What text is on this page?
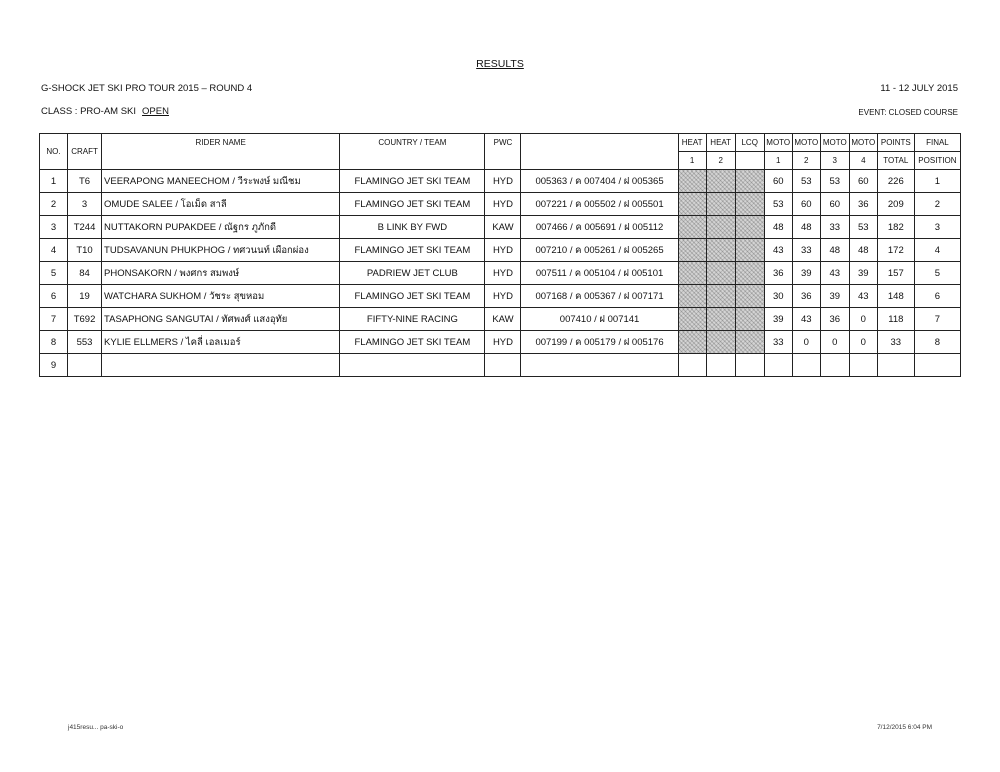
RESULTS
G-SHOCK JET SKI PRO TOUR 2015 – ROUND 4	11 - 12 JULY 2015
CLASS : PRO-AM SKI OPEN	EVENT: CLOSED COURSE
NO.	CRAFT	RIDER NAME	COUNTRY / TEAM	PWC		HEAT	HEAT	LCQ	MOTO	MOTO	MOTO	MOTO	POINTS	FINAL
						1	2		1	2	3	4	TOTAL	POSITION
1	T6	VEERAPONG MANEECHOM / วีระพงษ์ มณีชม	FLAMINGO JET SKI TEAM	HYD	005363 / ค 007404 / ฝ 005365				60	53	53	60	226	1
2	3	OMUDE SALEE / โอเม็ด สาลี	FLAMINGO JET SKI TEAM	HYD	007221 / ค 005502 / ฝ 005501				53	60	60	36	209	2
3	T244	NUTTAKORN PUPAKDEE / ณัฐกร ภูภักดี	B LINK BY FWD	KAW	007466 / ค 005691 / ฝ 005112				48	48	33	53	182	3
4	T10	TUDSAVANUN PHUKPHOG / ทศวนนท์ เผือกผ่อง	FLAMINGO JET SKI TEAM	HYD	007210 / ค 005261 / ฝ 005265				43	33	48	48	172	4
5	84	PHONSAKORN / พงศกร สมพงษ์	PADRIEW JET CLUB	HYD	007511 / ค 005104 / ฝ 005101				36	39	43	39	157	5
6	19	WATCHARA SUKHOM / วัชระ สุขหอม	FLAMINGO JET SKI TEAM	HYD	007168 / ค 005367 / ฝ 007171				30	36	39	43	148	6
7	T692	TASAPHONG SANGUTAI / ทัศพงศ์ แสงอุทัย	FIFTY-NINE RACING	KAW	007410 / ฝ 007141				39	43	36	0	118	7
8	553	KYLIE ELLMERS / ไคลี่ เอลเมอร์	FLAMINGO JET SKI TEAM	HYD	007199 / ค 005179 / ฝ 005176				33	0	0	0	33	8
9														
j415resu... pa-ski-o	7/12/2015 6:04 PM
